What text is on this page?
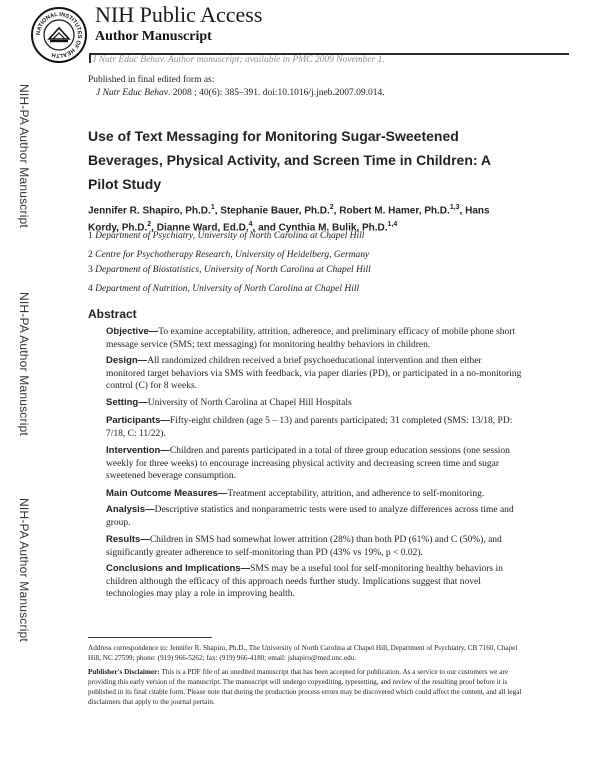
NATIONAL INSTITUTES OF HEALTH
NIH Public Access
Author Manuscript
J Nutr Educ Behav. Author manuscript; available in PMC 2009 November 1.
Published in final edited form as:
J Nutr Educ Behav. 2008 ; 40(6): 385–391. doi:10.1016/j.jneb.2007.09.014.
NIH-PA Author Manuscript
NIH-PA Author Manuscript
NIH-PA Author Manuscript
Use of Text Messaging for Monitoring Sugar-Sweetened Beverages, Physical Activity, and Screen Time in Children: A Pilot Study
Jennifer R. Shapiro, Ph.D.$^1$, Stephanie Bauer, Ph.D.$^2$, Robert M. Hamer, Ph.D.$^{1,3}$, Hans Kordy, Ph.D.$^2$, Dianne Ward, Ed.D.$^4$, and Cynthia M. Bulik, Ph.D.$^{1,4}$
1 Department of Psychiatry, University of North Carolina at Chapel Hill
2 Centre for Psychotherapy Research, University of Heidelberg, Germany
3 Department of Biostatistics, University of North Carolina at Chapel Hill
4 Department of Nutrition, University of North Carolina at Chapel Hill
Abstract
Objective—To examine acceptability, attrition, adherence, and preliminary efficacy of mobile phone short message service (SMS; text messaging) for monitoring healthy behaviors in children.
Design—All randomized children received a brief psychoeducational intervention and then either monitored target behaviors via SMS with feedback, via paper diaries (PD), or participated in a no-monitoring control (C) for 8 weeks.
Setting—University of North Carolina at Chapel Hill Hospitals
Participants—Fifty-eight children (age 5 – 13) and parents participated; 31 completed (SMS: 13/18, PD: 7/18, C: 11/22).
Intervention—Children and parents participated in a total of three group education sessions (one session weekly for three weeks) to encourage increasing physical activity and decreasing screen time and sugar sweetened beverage consumption.
Main Outcome Measures—Treatment acceptability, attrition, and adherence to self-monitoring.
Analysis—Descriptive statistics and nonparametric tests were used to analyze differences across time and group.
Results—Children in SMS had somewhat lower attrition (28%) than both PD (61%) and C (50%), and significantly greater adherence to self-monitoring than PD (43% vs 19%, p < 0.02).
Conclusions and Implications—SMS may be a useful tool for self-monitoring healthy behaviors in children although the efficacy of this approach needs further study. Implications suggest that novel technologies may play a role in improving health.
Address correspondence to: Jennifer R. Shapiro, Ph.D., The University of North Carolina at Chapel Hill, Department of Psychiatry, CB 7160, Chapel Hill, NC 27599; phone: (919) 966-5262; fax: (919) 966-4180; email: jshapiro@med.unc.edu.
Publisher's Disclaimer: This is a PDF file of an unedited manuscript that has been accepted for publication. As a service to our customers we are providing this early version of the manuscript. The manuscript will undergo copyediting, typesetting, and review of the resulting proof before it is published in its final citable form. Please note that during the production process errors may be discovered which could affect the content, and all legal disclaimers that apply to the journal pertain.
